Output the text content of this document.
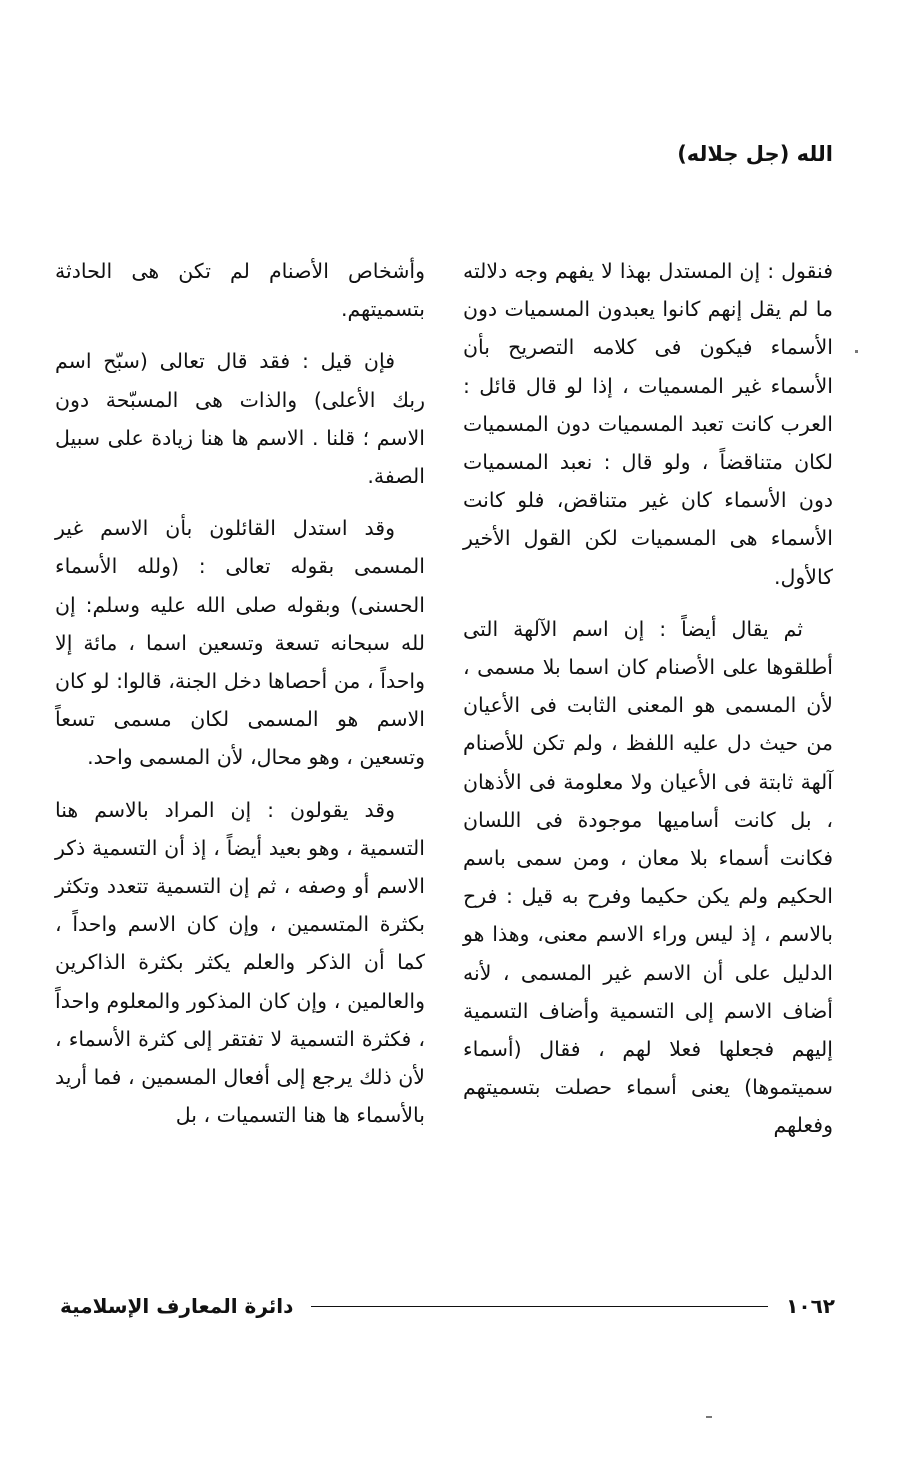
الله (جل جلاله)

فنقول : إن المستدل بهذا لا يفهم وجه دلالته ما لم يقل إنهم كانوا يعبدون المسميات دون الأسماء فيكون فى كلامه التصريح بأن الأسماء غير المسميات ، إذا لو قال قائل : العرب كانت تعبد المسميات دون المسميات لكان متناقضاً ، ولو قال : نعبد المسميات دون الأسماء كان غير متناقض، فلو كانت الأسماء هى المسميات لكن القول الأخير كالأول.

ثم يقال أيضاً : إن اسم الآلهة التى أطلقوها على الأصنام كان اسما بلا مسمى ، لأن المسمى هو المعنى الثابت فى الأعيان من حيث دل عليه اللفظ ، ولم تكن للأصنام آلهة ثابتة فى الأعيان ولا معلومة فى الأذهان ، بل كانت أساميها موجودة فى اللسان فكانت أسماء بلا معان ، ومن سمى باسم الحكيم ولم يكن حكيما وفرح به قيل : فرح بالاسم ، إذ ليس وراء الاسم معنى، وهذا هو الدليل على أن الاسم غير المسمى ، لأنه أضاف الاسم إلى التسمية وأضاف التسمية إليهم فجعلها فعلا لهم ، فقال (أسماء سميتموها) يعنى أسماء حصلت بتسميتهم وفعلهم

وأشخاص الأصنام لم تكن هى الحادثة بتسميتهم.

فإن قيل : فقد قال تعالى (سبّح اسم ربك الأعلى) والذات هى المسبّحة دون الاسم ؛ قلنا . الاسم ها هنا زيادة على سبيل الصفة.

وقد استدل القائلون بأن الاسم غير المسمى بقوله تعالى : (ولله الأسماء الحسنى) وبقوله صلى الله عليه وسلم: إن لله سبحانه تسعة وتسعين اسما ، مائة إلا واحداً ، من أحصاها دخل الجنة، قالوا: لو كان الاسم هو المسمى لكان مسمى تسعاً وتسعين ، وهو محال، لأن المسمى واحد.

وقد يقولون : إن المراد بالاسم هنا التسمية ، وهو بعيد أيضاً ، إذ أن التسمية ذكر الاسم أو وصفه ، ثم إن التسمية تتعدد وتكثر بكثرة المتسمين ، وإن كان الاسم واحداً ، كما أن الذكر والعلم يكثر بكثرة الذاكرين والعالمين ، وإن كان المذكور والمعلوم واحداً ، فكثرة التسمية لا تفتقر إلى كثرة الأسماء ، لأن ذلك يرجع إلى أفعال المسمين ، فما أريد بالأسماء ها هنا التسميات ، بل

١٠٦٢
دائرة المعارف الإسلامية
